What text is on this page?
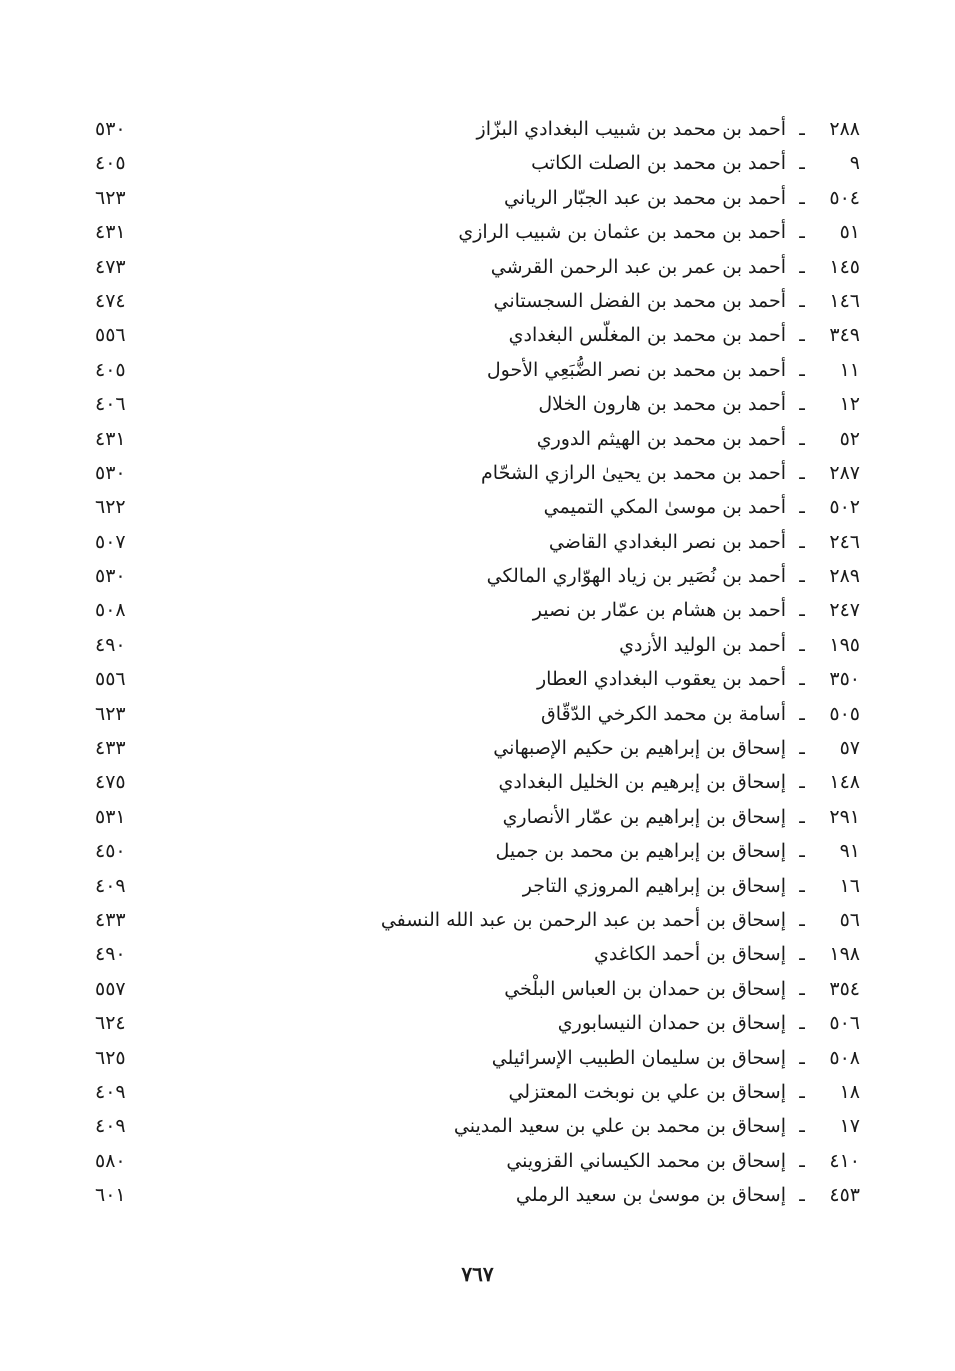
٢٨٨
ـ
أحمد بن محمد بن شبيب البغدادي البزّاز
٥٣٠
٩
ـ
أحمد بن محمد بن الصلت الكاتب
٤٠٥
٥٠٤
ـ
أحمد بن محمد بن عبد الجبّار الرياني
٦٢٣
٥١
ـ
أحمد بن محمد بن عثمان بن شبيب الرازي
٤٣١
١٤٥
ـ
أحمد بن عمر بن عبد الرحمن القرشي
٤٧٣
١٤٦
ـ
أحمد بن محمد بن الفضل السجستاني
٤٧٤
٣٤٩
ـ
أحمد بن محمد بن المغلّس البغدادي
٥٥٦
١١
ـ
أحمد بن محمد بن نصر الضُّبَعِي الأحول
٤٠٥
١٢
ـ
أحمد بن محمد بن هارون الخلال
٤٠٦
٥٢
ـ
أحمد بن محمد بن الهيثم الدوري
٤٣١
٢٨٧
ـ
أحمد بن محمد بن يحيىٰ الرازي الشحّام
٥٣٠
٥٠٢
ـ
أحمد بن موسىٰ المكي التميمي
٦٢٢
٢٤٦
ـ
أحمد بن نصر البغدادي القاضي
٥٠٧
٢٨٩
ـ
أحمد بن نُصَير بن زياد الهوّاري المالكي
٥٣٠
٢٤٧
ـ
أحمد بن هشام بن عمّار بن نصير
٥٠٨
١٩٥
ـ
أحمد بن الوليد الأزدي
٤٩٠
٣٥٠
ـ
أحمد بن يعقوب البغدادي العطار
٥٥٦
٥٠٥
ـ
أسامة بن محمد الكرخي الدّقّاق
٦٢٣
٥٧
ـ
إسحاق بن إبراهيم بن حكيم الإصبهاني
٤٣٣
١٤٨
ـ
إسحاق بن إبرهيم بن الخليل البغدادي
٤٧٥
٢٩١
ـ
إسحاق بن إبراهيم بن عمّار الأنصاري
٥٣١
٩١
ـ
إسحاق بن إبراهيم بن محمد بن جميل
٤٥٠
١٦
ـ
إسحاق بن إبراهيم المروزي التاجر
٤٠٩
٥٦
ـ
إسحاق بن أحمد بن عبد الرحمن بن عبد الله النسفي
٤٣٣
١٩٨
ـ
إسحاق بن أحمد الكاغدي
٤٩٠
٣٥٤
ـ
إسحاق بن حمدان بن العباس البلْخي
٥٥٧
٥٠٦
ـ
إسحاق بن حمدان النيسابوري
٦٢٤
٥٠٨
ـ
إسحاق بن سليمان الطبيب الإسرائيلي
٦٢٥
١٨
ـ
إسحاق بن علي بن نوبخت المعتزلي
٤٠٩
١٧
ـ
إسحاق بن محمد بن علي بن سعيد المديني
٤٠٩
٤١٠
ـ
إسحاق بن محمد الكيساني القزويني
٥٨٠
٤٥٣
ـ
إسحاق بن موسىٰ بن سعيد الرملي
٦٠١
٧٦٧
